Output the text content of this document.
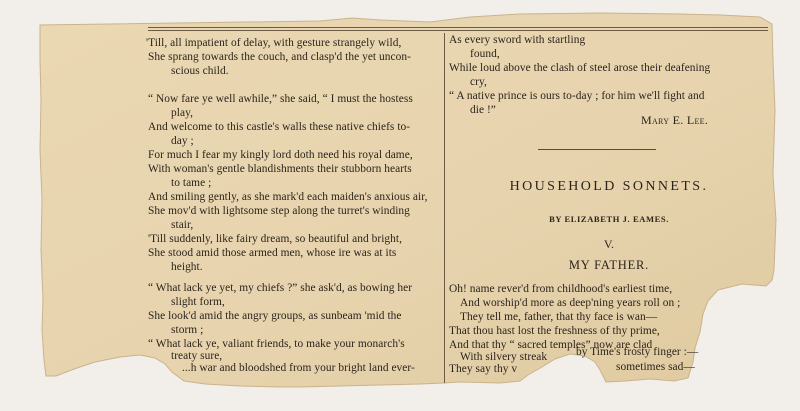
'Till, all impatient of delay, with gesture strangely wild,
She sprang towards the couch, and clasp'd the yet uncon-
scious child.
“ Now fare ye well awhile,” she said, “ I must the hostess
play,
And welcome to this castle's walls these native chiefs to-
day ;
For much I fear my kingly lord doth need his royal dame,
With woman's gentle blandishments their stubborn hearts
to tame ;
And smiling gently, as she mark'd each maiden's anxious air,
She mov'd with lightsome step along the turret's winding
stair,
'Till suddenly, like fairy dream, so beautiful and bright,
She stood amid those armed men, whose ire was at its
height.
“ What lack ye yet, my chiefs ?” she ask'd, as bowing her
slight form,
She look'd amid the angry groups, as sunbeam 'mid the
storm ;
“ What lack ye, valiant friends, to make your monarch's
treaty sure,
...h war and bloodshed from your bright land ever-
As every sword with startling
found,
While loud above the clash of steel arose their deafening
cry,
“ A native prince is ours to-day ; for him we'll fight and
die !”
Mary E. Lee.
HOUSEHOLD SONNETS.
BY ELIZABETH J. EAMES.
V.
MY FATHER.
Oh! name rever'd from childhood's earliest time,
And worship'd more as deep'ning years roll on ;
They tell me, father, that thy face is wan—
That thou hast lost the freshness of thy prime,
And that thy “ sacred temples” now are clad
With silvery streak	by Time's frosty finger :—
They say thy v	sometimes sad—
